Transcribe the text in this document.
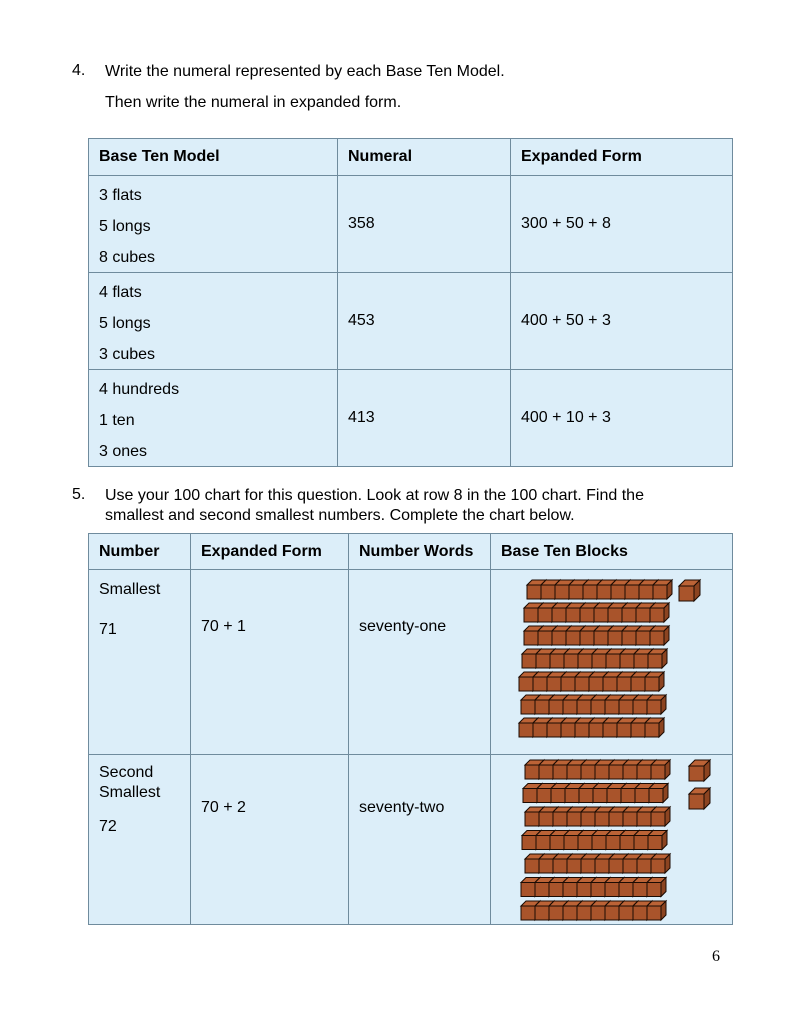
4.	Write the numeral represented by each Base Ten Model.

Then write the numeral in expanded form.

Base Ten Model	Numeral	Expanded Form

3 flats
5 longs
8 cubes	358	300 + 50 + 8

4 flats
5 longs
3 cubes	453	400 + 50 + 3

4 hundreds
1 ten
3 ones	413	400 + 10 + 3
5.	Use your 100 chart for this question. Look at row 8 in the 100 chart. Find the

smallest and second smallest numbers. Complete the chart below.

Number	Expanded Form	Number Words	Base Ten Blocks

Smallest
71	70 + 1	seventy-one

Second Smallest
72	70 + 2	seventy-two

6
